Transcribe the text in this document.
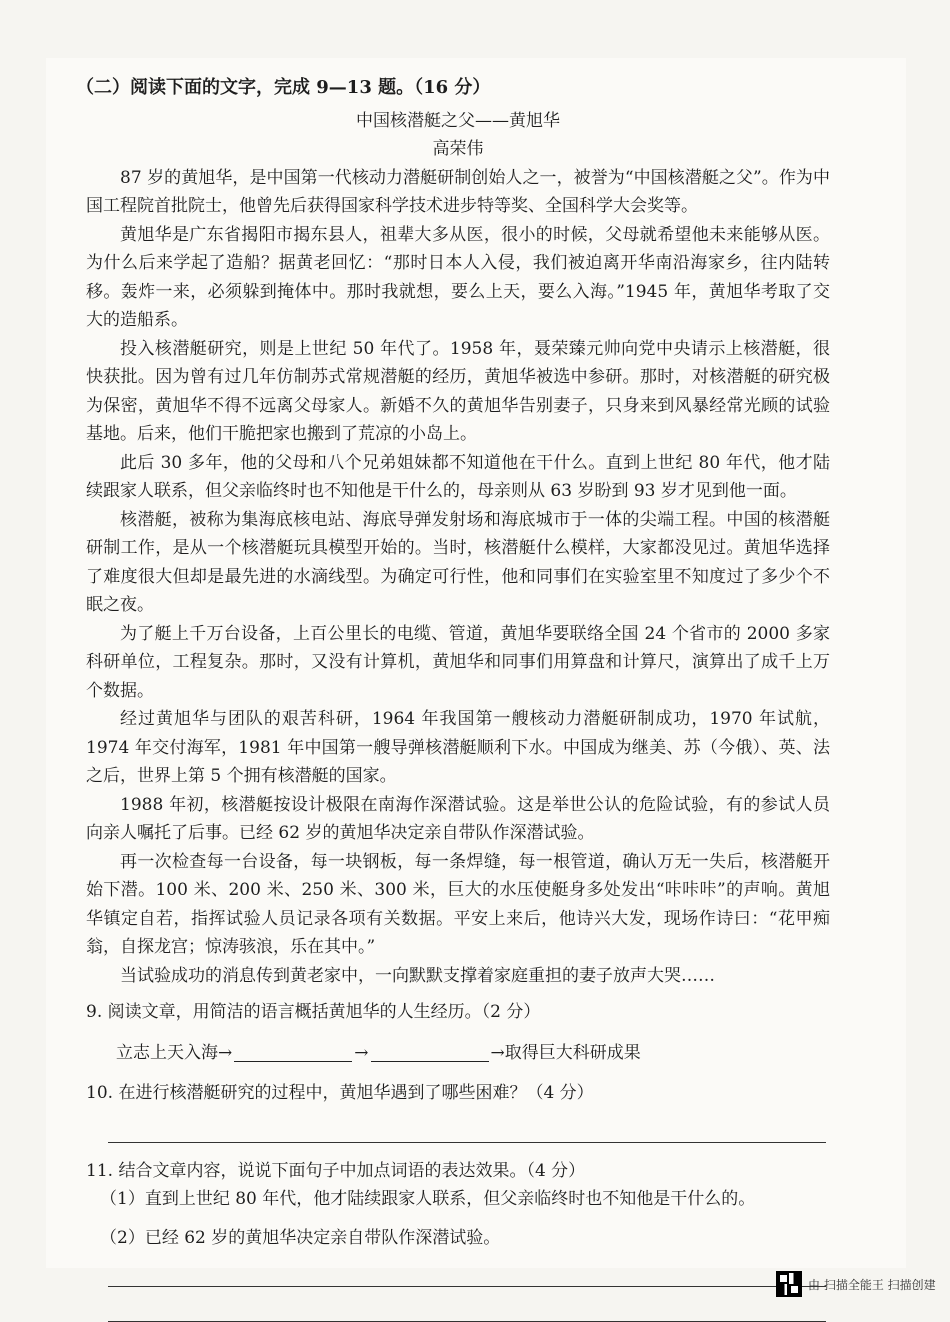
（二）阅读下面的文字，完成 9—13 题。（16 分）

中国核潜艇之父——黄旭华

高荣伟

87 岁的黄旭华，是中国第一代核动力潜艇研制创始人之一，被誉为“中国核潜艇之父”。作为中国工程院首批院士，他曾先后获得国家科学技术进步特等奖、全国科学大会奖等。

黄旭华是广东省揭阳市揭东县人，祖辈大多从医，很小的时候，父母就希望他未来能够从医。为什么后来学起了造船？据黄老回忆：“那时日本人入侵，我们被迫离开华南沿海家乡，往内陆转移。轰炸一来，必须躲到掩体中。那时我就想，要么上天，要么入海。”1945 年，黄旭华考取了交大的造船系。

投入核潜艇研究，则是上世纪 50 年代了。1958 年，聂荣臻元帅向党中央请示上核潜艇，很快获批。因为曾有过几年仿制苏式常规潜艇的经历，黄旭华被选中参研。那时，对核潜艇的研究极为保密，黄旭华不得不远离父母家人。新婚不久的黄旭华告别妻子，只身来到风暴经常光顾的试验基地。后来，他们干脆把家也搬到了荒凉的小岛上。

此后 30 多年，他的父母和八个兄弟姐妹都不知道他在干什么。直到上世纪 80 年代，他才陆续跟家人联系，但父亲临终时也不知他是干什么的，母亲则从 63 岁盼到 93 岁才见到他一面。

核潜艇，被称为集海底核电站、海底导弹发射场和海底城市于一体的尖端工程。中国的核潜艇研制工作，是从一个核潜艇玩具模型开始的。当时，核潜艇什么模样，大家都没见过。黄旭华选择了难度很大但却是最先进的水滴线型。为确定可行性，他和同事们在实验室里不知度过了多少个不眠之夜。

为了艇上千万台设备，上百公里长的电缆、管道，黄旭华要联络全国 24 个省市的 2000 多家科研单位，工程复杂。那时，又没有计算机，黄旭华和同事们用算盘和计算尺，演算出了成千上万个数据。

经过黄旭华与团队的艰苦科研，1964 年我国第一艘核动力潜艇研制成功，1970 年试航，1974 年交付海军，1981 年中国第一艘导弹核潜艇顺利下水。中国成为继美、苏（今俄）、英、法之后，世界上第 5 个拥有核潜艇的国家。

1988 年初，核潜艇按设计极限在南海作深潜试验。这是举世公认的危险试验，有的参试人员向亲人嘱托了后事。已经 62 岁的黄旭华决定亲自带队作深潜试验。

再一次检查每一台设备，每一块钢板，每一条焊缝，每一根管道，确认万无一失后，核潜艇开始下潜。100 米、200 米、250 米、300 米，巨大的水压使艇身多处发出“咔咔咔”的声响。黄旭华镇定自若，指挥试验人员记录各项有关数据。平安上来后，他诗兴大发，现场作诗曰：“花甲痴翁，自探龙宫；惊涛骇浪，乐在其中。”

当试验成功的消息传到黄老家中，一向默默支撑着家庭重担的妻子放声大哭……

9. 阅读文章，用简洁的语言概括黄旭华的人生经历。（2 分）

立志上天入海→	→	→取得巨大科研成果

10. 在进行核潜艇研究的过程中，黄旭华遇到了哪些困难？（4 分）

11. 结合文章内容，说说下面句子中加点词语的表达效果。（4 分）

（1）直到上世纪 80 年代，他才陆续跟家人联系，但父亲临终时也不知他是干什么的。

（2）已经 62 岁的黄旭华决定亲自带队作深潜试验。

由 扫描全能王 扫描创建
